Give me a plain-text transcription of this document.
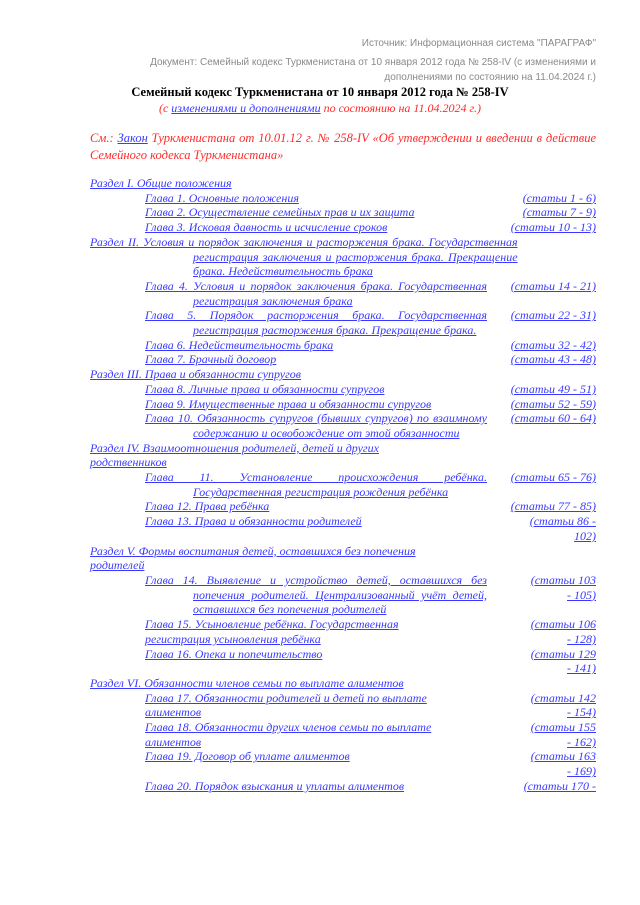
Источник: Информационная система "ПАРАГРАФ"
Документ: Семейный кодекс Туркменистана от 10 января 2012 года № 258-IV (с изменениями и дополнениями по состоянию на 11.04.2024 г.)
Семейный кодекс Туркменистана от 10 января 2012 года № 258-IV
(с изменениями и дополнениями по состоянию на 11.04.2024 г.)
См.: Закон Туркменистана от 10.01.12 г. № 258-IV «Об утверждении и введении в действие Семейного кодекса Туркменистана»
Раздел I. Общие положения
Глава 1. Основные положения	(статьи 1 - 6)
Глава 2. Осуществление семейных прав и их защита	(статьи 7 - 9)
Глава 3. Исковая давность и исчисление сроков	(статьи 10 - 13)
Раздел II. Условия и порядок заключения и расторжения брака. Государственная регистрация заключения и расторжения брака. Прекращение брака. Недействительность брака
Глава 4. Условия и порядок заключения брака. Государственная регистрация заключения брака
(статьи 14 - 21)
Глава 5. Порядок расторжения брака. Государственная регистрация расторжения брака. Прекращение брака.
(статьи 22 - 31)
Глава 6. Недействительность брака	(статьи 32 - 42)
Глава 7. Брачный договор	(статьи 43 - 48)
Раздел III. Права и обязанности супругов
Глава 8. Личные права и обязанности супругов	(статьи 49 - 51)
Глава 9. Имущественные права и обязанности супругов	(статьи 52 - 59)
Глава 10. Обязанность супругов (бывших супругов) по взаимному содержанию и освобождение от этой обязанности
(статьи 60 - 64)
Раздел IV. Взаимоотношения родителей, детей и других родственников
Глава 11. Установление происхождения ребёнка. Государственная регистрация рождения ребёнка
(статьи 65 - 76)
Глава 12. Права ребёнка	(статьи 77 - 85)
Глава 13. Права и обязанности родителей	(статьи 86 - 102)
Раздел V. Формы воспитания детей, оставшихся без попечения родителей
Глава 14. Выявление и устройство детей, оставшихся без попечения родителей. Централизованный учёт детей, оставшихся без попечения родителей
(статьи 103 - 105)
Глава 15. Усыновление ребёнка. Государственная регистрация усыновления ребёнка
(статьи 106 - 128)
Глава 16. Опека и попечительство	(статьи 129 - 141)
Раздел VI. Обязанности членов семьи по выплате алиментов
Глава 17. Обязанности родителей и детей по выплате алиментов
(статьи 142 - 154)
Глава 18. Обязанности других членов семьи по выплате алиментов
(статьи 155 - 162)
Глава 19. Договор об уплате алиментов	(статьи 163 - 169)
Глава 20. Порядок взыскания и уплаты алиментов	(статьи 170 -
